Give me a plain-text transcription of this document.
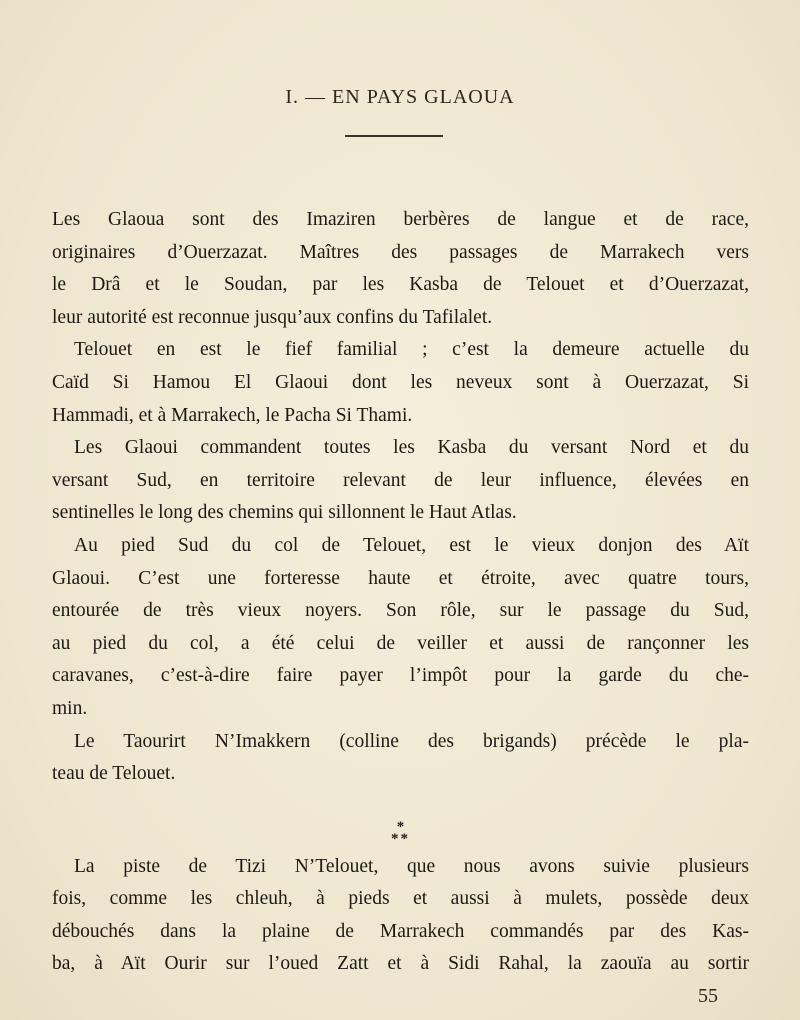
I. — EN PAYS GLAOUA
Les Glaoua sont des Imaziren berbères de langue et de race,
originaires d’Ouerzazat. Maîtres des passages de Marrakech vers
le Drâ et le Soudan, par les Kasba de Telouet et d’Ouerzazat,
leur autorité est reconnue jusqu’aux confins du Tafilalet.
Telouet en est le fief familial ; c’est la demeure actuelle du
Caïd Si Hamou El Glaoui dont les neveux sont à Ouerzazat, Si
Hammadi, et à Marrakech, le Pacha Si Thami.
Les Glaoui commandent toutes les Kasba du versant Nord et du
versant Sud, en territoire relevant de leur influence, élevées en
sentinelles le long des chemins qui sillonnent le Haut Atlas.
Au pied Sud du col de Telouet, est le vieux donjon des Aït
Glaoui. C’est une forteresse haute et étroite, avec quatre tours,
entourée de très vieux noyers. Son rôle, sur le passage du Sud,
au pied du col, a été celui de veiller et aussi de rançonner les
caravanes, c’est-à-dire faire payer l’impôt pour la garde du che-
min.
Le Taourirt N’Imakkern (colline des brigands) précède le pla-
teau de Telouet.
*
**
La piste de Tizi N’Telouet, que nous avons suivie plusieurs
fois, comme les chleuh, à pieds et aussi à mulets, possède deux
débouchés dans la plaine de Marrakech commandés par des Kas-
ba, à Aït Ourir sur l’oued Zatt et à Sidi Rahal, la zaouïa au sortir
55
